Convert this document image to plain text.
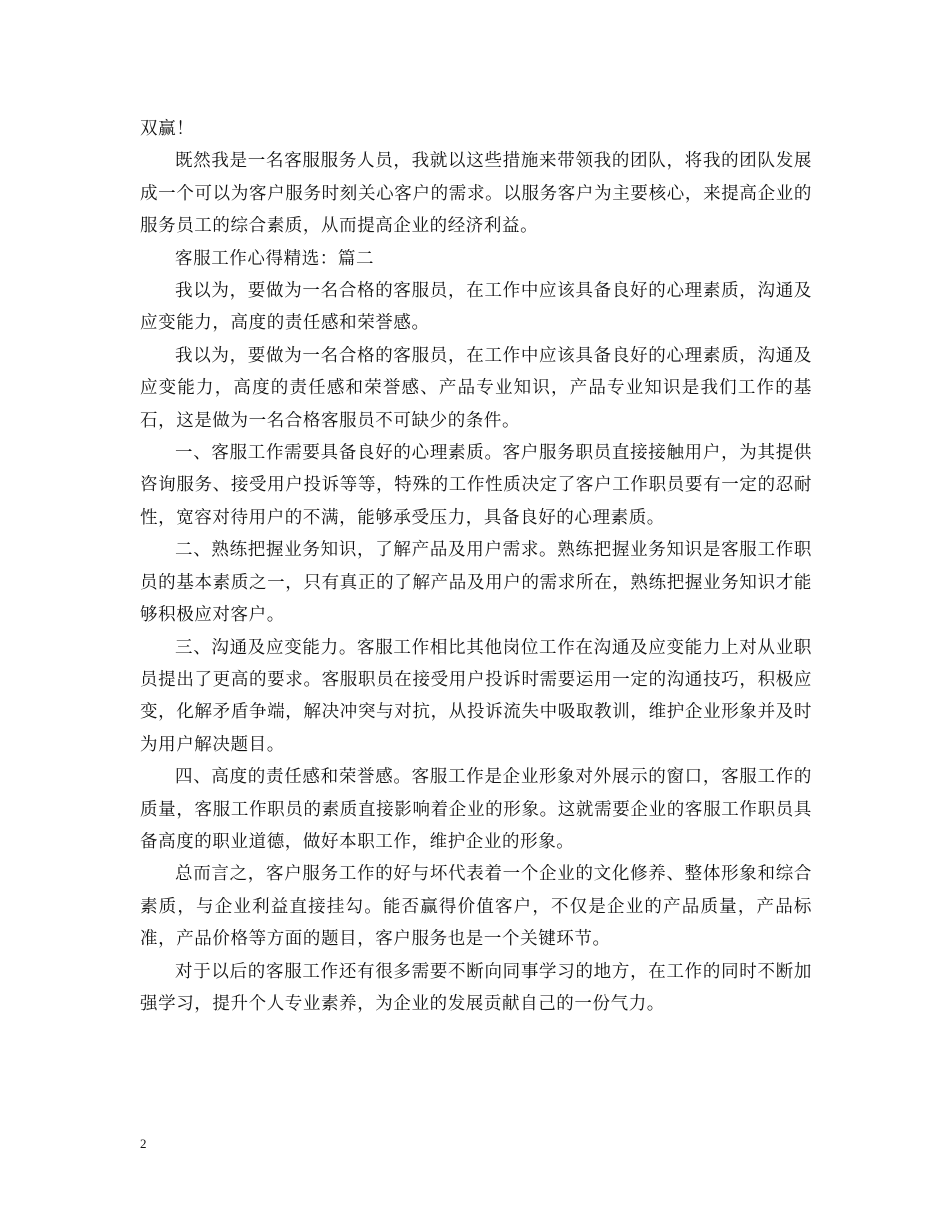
双赢！

既然我是一名客服服务人员，我就以这些措施来带领我的团队，将我的团队发展成一个可以为客户服务时刻关心客户的需求。以服务客户为主要核心，来提高企业的服务员工的综合素质，从而提高企业的经济利益。

客服工作心得精选：篇二

我以为，要做为一名合格的客服员，在工作中应该具备良好的心理素质，沟通及应变能力，高度的责任感和荣誉感。

我以为，要做为一名合格的客服员，在工作中应该具备良好的心理素质，沟通及应变能力，高度的责任感和荣誉感、产品专业知识，产品专业知识是我们工作的基石，这是做为一名合格客服员不可缺少的条件。

一、客服工作需要具备良好的心理素质。客户服务职员直接接触用户，为其提供咨询服务、接受用户投诉等等，特殊的工作性质决定了客户工作职员要有一定的忍耐性，宽容对待用户的不满，能够承受压力，具备良好的心理素质。

二、熟练把握业务知识，了解产品及用户需求。熟练把握业务知识是客服工作职员的基本素质之一，只有真正的了解产品及用户的需求所在，熟练把握业务知识才能够积极应对客户。

三、沟通及应变能力。客服工作相比其他岗位工作在沟通及应变能力上对从业职员提出了更高的要求。客服职员在接受用户投诉时需要运用一定的沟通技巧，积极应变，化解矛盾争端，解决冲突与对抗，从投诉流失中吸取教训，维护企业形象并及时为用户解决题目。

四、高度的责任感和荣誉感。客服工作是企业形象对外展示的窗口，客服工作的质量，客服工作职员的素质直接影响着企业的形象。这就需要企业的客服工作职员具备高度的职业道德，做好本职工作，维护企业的形象。

总而言之，客户服务工作的好与坏代表着一个企业的文化修养、整体形象和综合素质，与企业利益直接挂勾。能否赢得价值客户，不仅是企业的产品质量，产品标准，产品价格等方面的题目，客户服务也是一个关键环节。

对于以后的客服工作还有很多需要不断向同事学习的地方，在工作的同时不断加强学习，提升个人专业素养，为企业的发展贡献自己的一份气力。

2
